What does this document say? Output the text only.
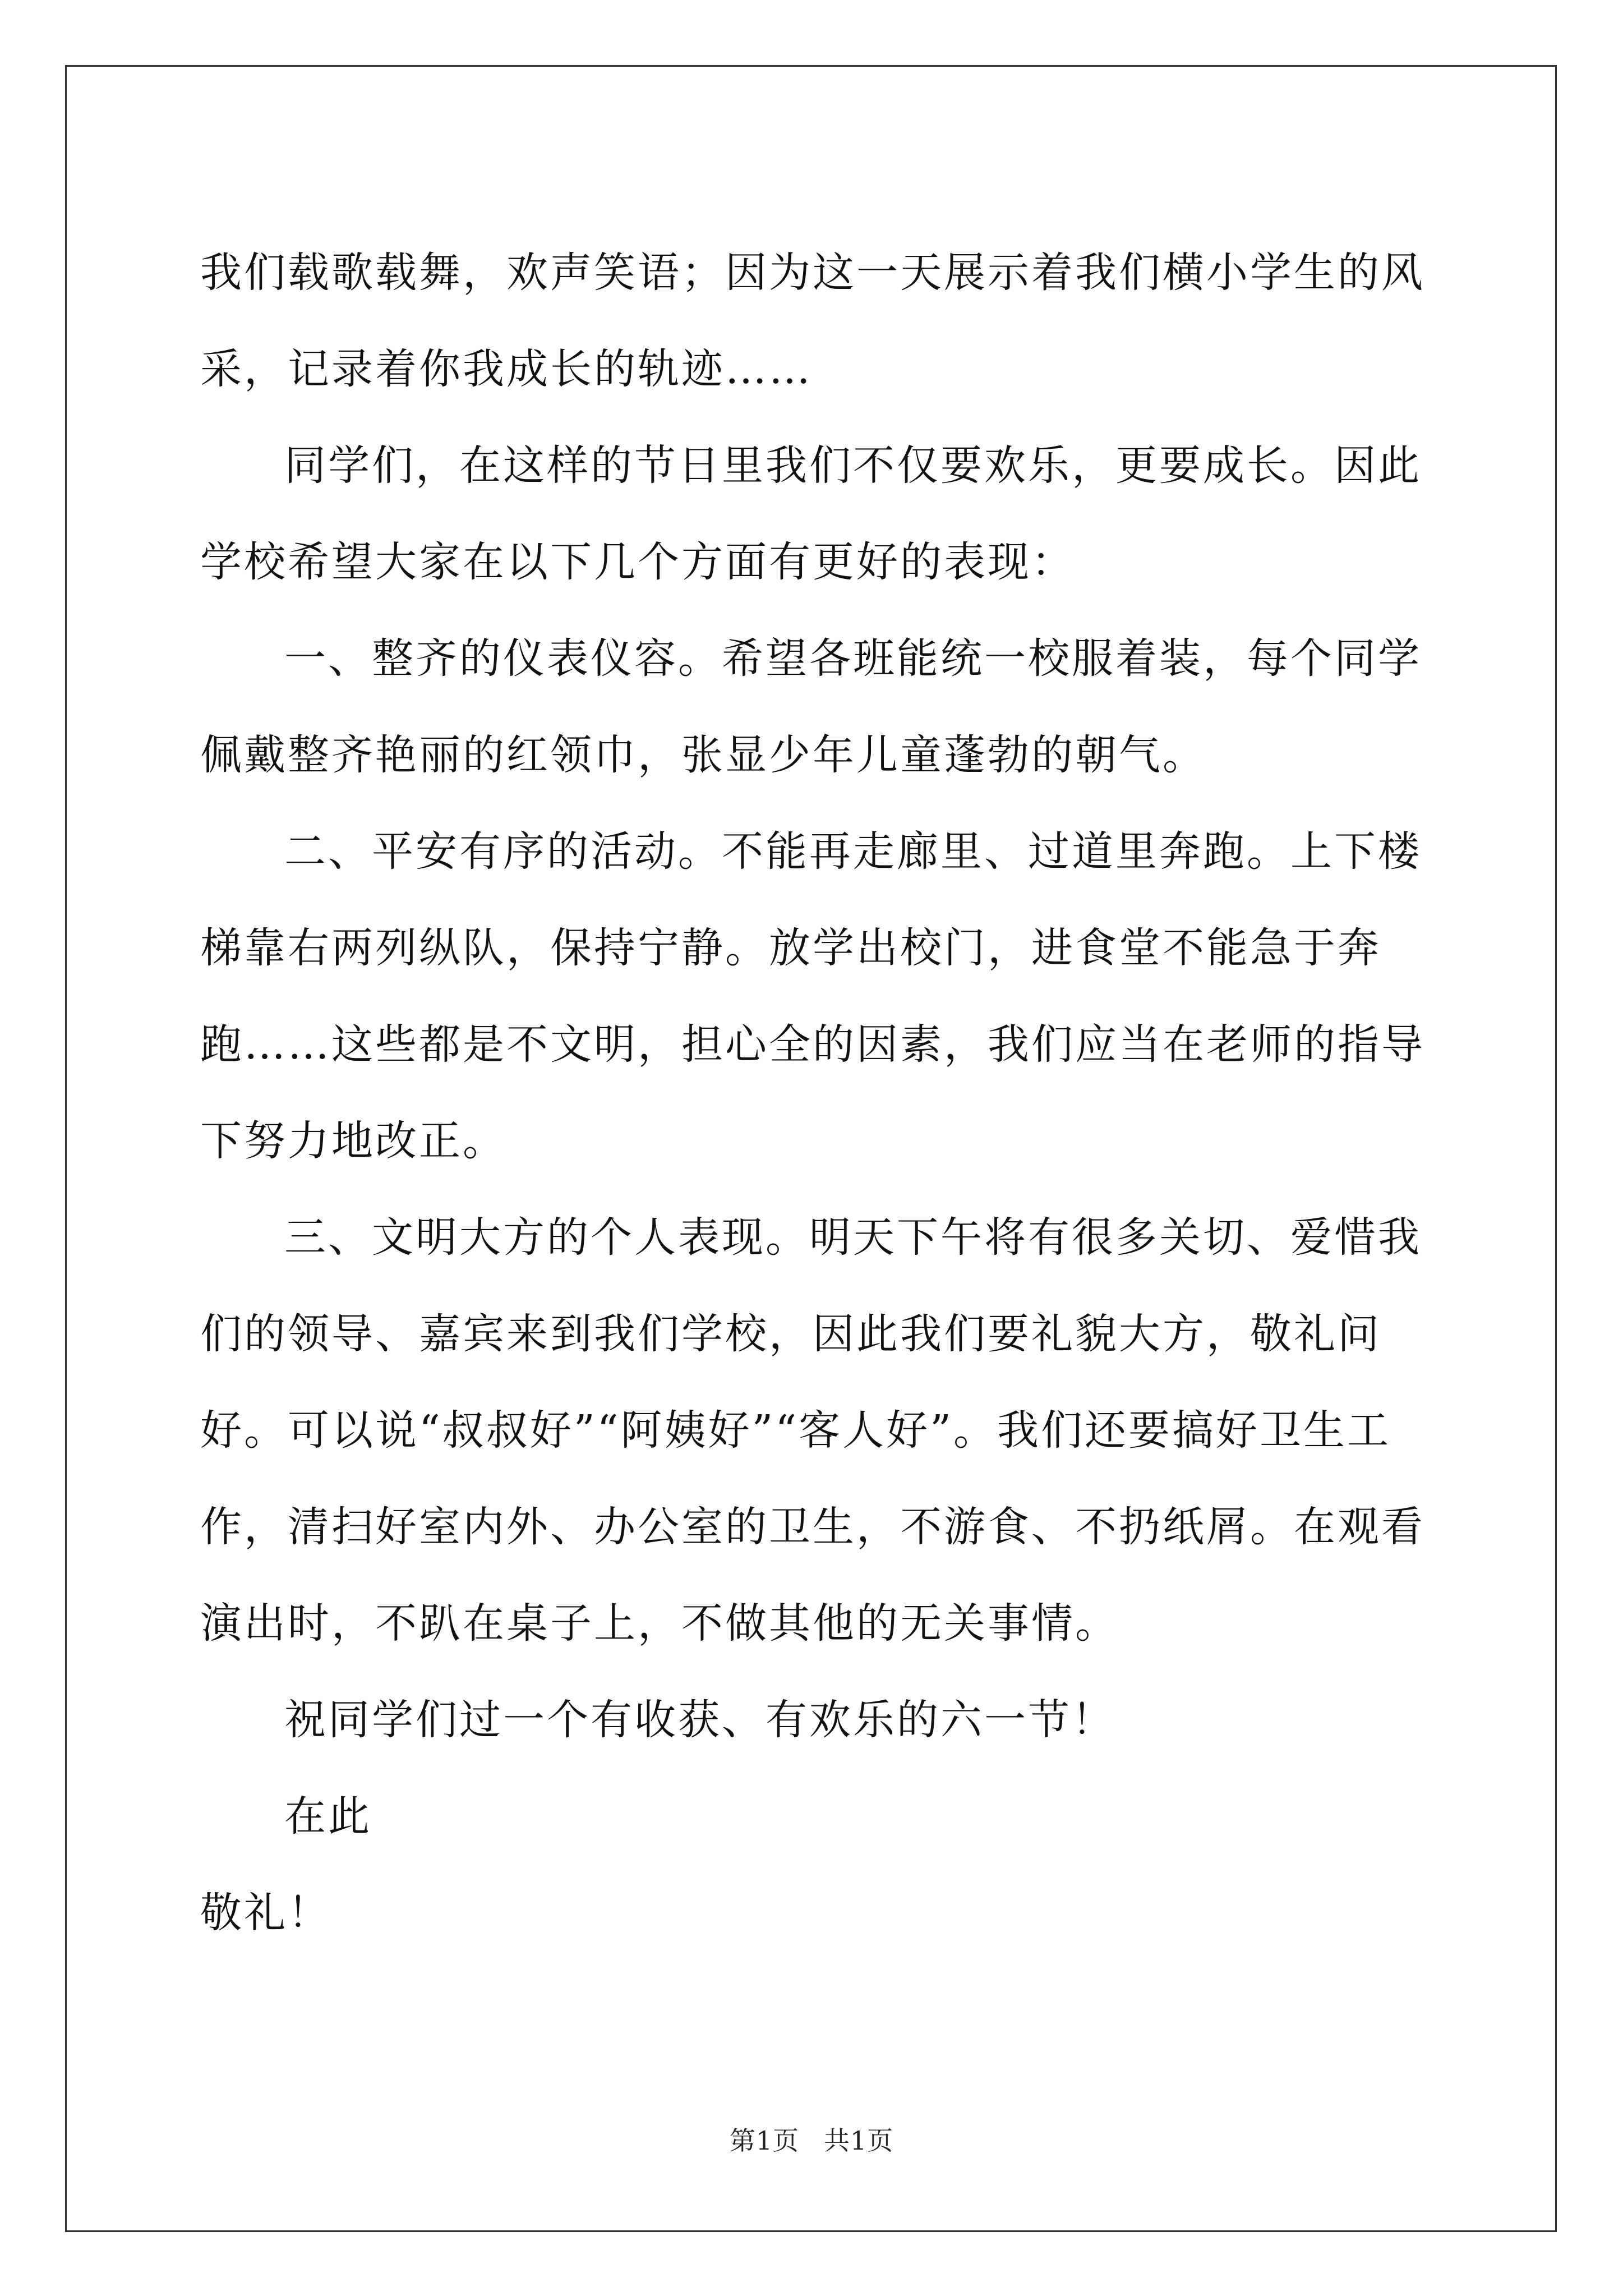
我们载歌载舞，欢声笑语；因为这一天展示着我们横小学生的风采，记录着你我成长的轨迹……

同学们，在这样的节日里我们不仅要欢乐，更要成长。因此学校希望大家在以下几个方面有更好的表现：

一、整齐的仪表仪容。希望各班能统一校服着装，每个同学佩戴整齐艳丽的红领巾，张显少年儿童蓬勃的朝气。

二、平安有序的活动。不能再走廊里、过道里奔跑。上下楼梯靠右两列纵队，保持宁静。放学出校门，进食堂不能急于奔跑……这些都是不文明，担心全的因素，我们应当在老师的指导下努力地改正。

三、文明大方的个人表现。明天下午将有很多关切、爱惜我们的领导、嘉宾来到我们学校，因此我们要礼貌大方，敬礼问好。可以说“叔叔好”“阿姨好”“客人好”。我们还要搞好卫生工作，清扫好室内外、办公室的卫生，不游食、不扔纸屑。在观看演出时，不趴在桌子上，不做其他的无关事情。

祝同学们过一个有收获、有欢乐的六一节！

在此

敬礼！

第1页 共1页
